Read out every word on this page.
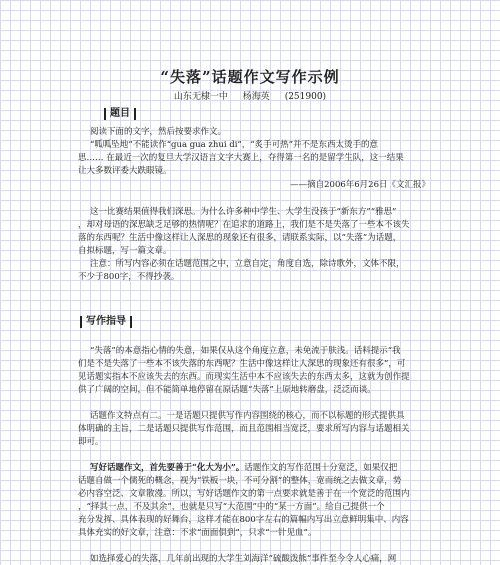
“失落”话题作文写作示例
山东无棣一中 杨海英 (251900)
题目
阅读下面的文字，然后按要求作文。
“呱呱坠地”不能读作“gua gua zhui di”，“炙手可热”并不是东西太烫手的意
思…… 在最近一次的复旦大学汉语言文字大赛上，夺得第一名的是留学生队，这一结果
让大多数评委大跌眼镜。
——摘自2006年6月26日《文汇报》
这一比赛结果值得我们深思。为什么许多种中学生、大学生没孩于“新东方”“雅思”
，却对母语的深思缺乏足够的热情呢？在追求的道路上，我们是不是失落了一些本不该失
落的东西呢？生活中像这样让人深思的现象还有很多，请联系实际，以“失落”为话题，
自拟标题，写一篇文章。
注意：所写内容必须在话题范围之中，立意自定，角度自选，除诗歌外，文体不限，
不少于800字，不得抄袭。
写作指导
“失落”的本意指心情的失意，如果仅从这个角度立意，未免流于肤浅。话料提示“我
们是不是失落了一些本不该失落的东西呢？生活中像这样让人深思的现象还有很多”，可
见话题实指本不应该失去的东西。而现实生活中本不应该失去的东西太多，这就为创作提
供了广阔的空间，但不能简单地停留在原话题“失落”上原地转磨盘，泛泛而谈。
话题作文特点有二。一是话题只提供写作内容围绕的核心，而不以标题的形式提供具
体明确的主旨，二是话题只提供写作范围，而且范围相当宽泛，要求所写内容与话题相关
即可。
写好话题作文，首先要善于“化大为小”。话题作文的写作范围十分宽泛，如果仅把
话题自做一个儒死的概念，视为“铁板一块，不可分割”的整体，宽而统之去做文章，势
必内容空泛、文章散漫。所以，写好话题作文的第一点要求就是善于在一个宽泛的范围内
，“择其一点，不及其余”，也就是只写“大范围”中的“某一方面”。给自己提供一个
充分发挥、具体表现的好舞台，这样才能在800字左右的篇幅内写出立意鲜明集中、内容
具体充实的好文章，注意：不求“面面俱到”，只求“一针见血”。
如选择爱心的失落，几年前出现的大学生刘海洋“硫酸泼熊”事件至今令人心痛，网
